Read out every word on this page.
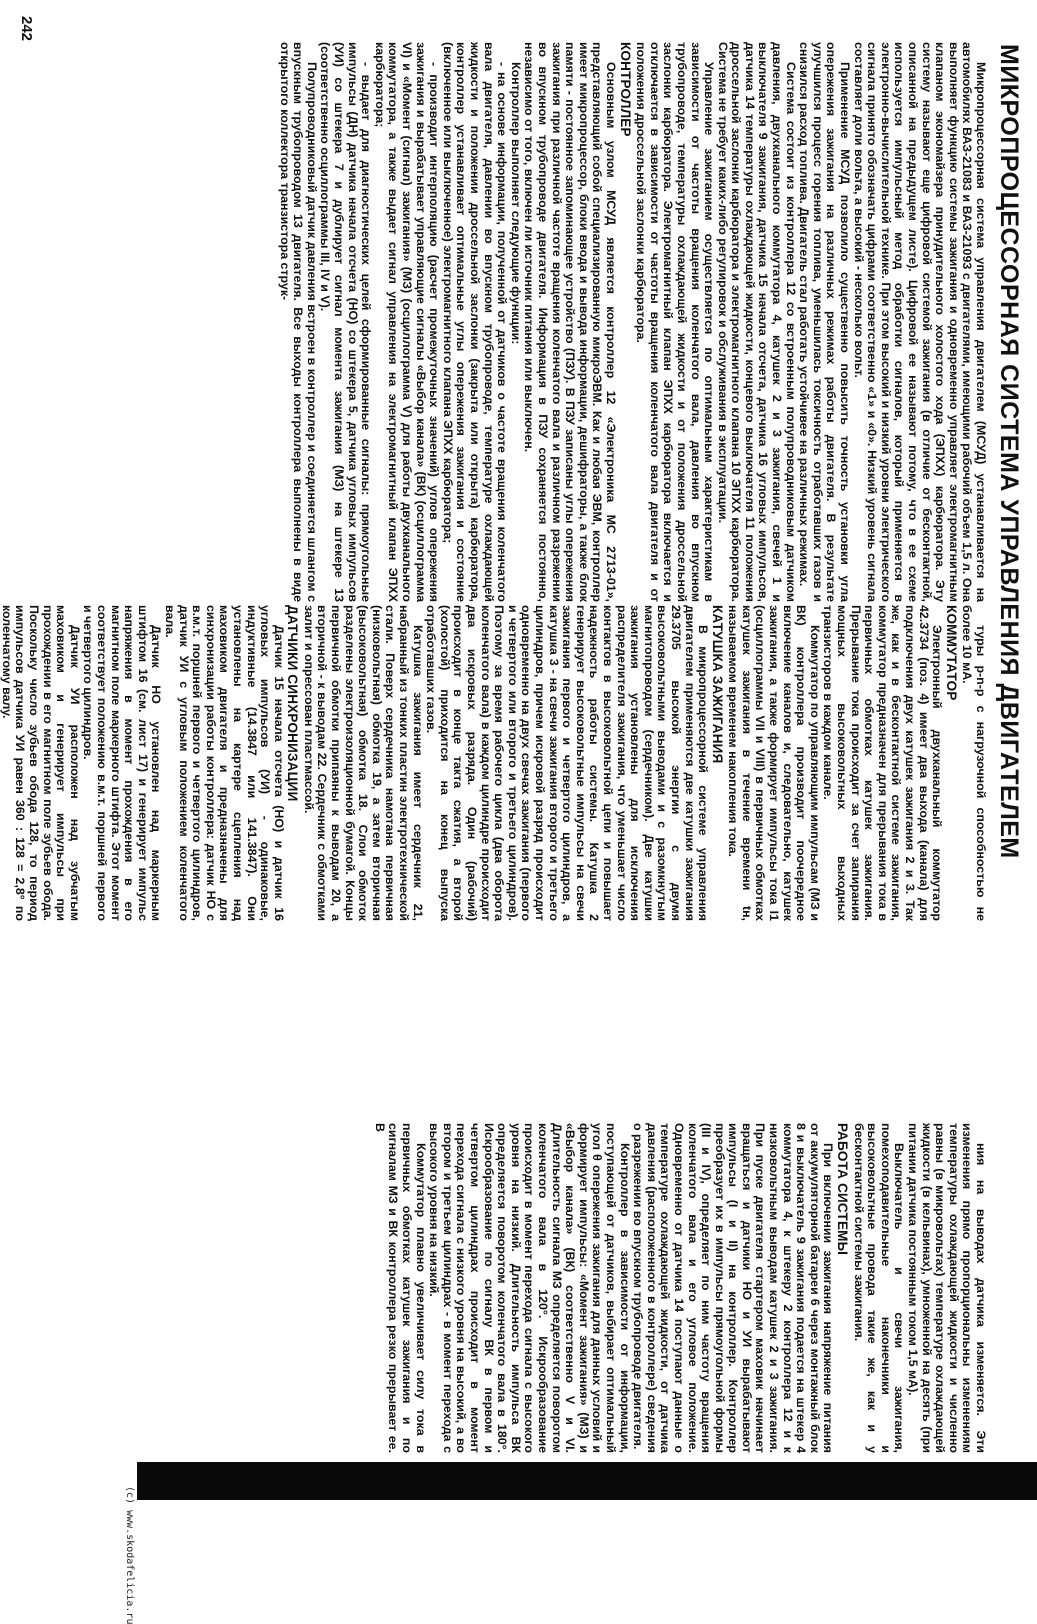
МИКРОПРОЦЕССОРНАЯ СИСТЕМА УПРАВЛЕНИЯ ДВИГАТЕЛЕМ

Микропроцессорная система управления двигателем (МСУД) устанавливается на автомобилях ВАЗ-21083 и ВАЗ-21093 с двигателями, имеющими рабочий объем 1,5 л. Она выполняет функцию системы зажигания и одновременно управляет электромагнитным клапаном экономайзера принудительного холостого хода (ЭПХХ) карбюратора. Эту систему называют еще цифровой системой зажигания (в отличие от бесконтактной, описанной на предыдущем листе). Цифровой ее называют потому, что в ее схеме используется импульсный метод обработки сигналов, который применяется в электронно-вычислительной технике. При этом высокий и низкий уровни электрического сигнала принято обозначать цифрами соответственно «1» и «0». Низкий уровень сигнала составляет доли вольта, а высокий - несколько вольт.

Применение МСУД позволило существенно повысить точность установки угла опережения зажигания на различных режимах работы двигателя. В результате улучшился процесс горения топлива, уменьшилась токсичность отработавших газов и снизился расход топлива. Двигатель стал работать устойчивее на различных режимах.

Система состоит из контроллера 12 со встроенным полупроводниковым датчиком давления, двухканального коммутатора 4, катушек 2 и 3 зажигания, свечей 1 и выключателя 9 зажигания, датчика 15 начала отсчета, датчика 16 угловых импульсов, датчика 14 температуры охлаждающей жидкости, концевого выключателя 11 положения дроссельной заслонки карбюратора и электромагнитного клапана 10 ЭПХХ карбюратора. Система не требует каких-либо регулировок и обслуживания в эксплуатации.

Управление зажиганием осуществляется по оптимальным характеристикам в зависимости от частоты вращения коленчатого вала, давления во впускном трубопроводе, температуры охлаждающей жидкости и от положения дроссельной заслонки карбюратора. Электромагнитный клапан ЭПХХ карбюратора включается и отключается в зависимости от частоты вращения коленчатого вала двигателя и от положения дроссельной заслонки карбюратора.

КОНТРОЛЛЕР

Основным узлом МСУД является контроллер 12 «Электроника МС 2713-01», представляющий собой специализированную микроЭВМ. Как и любая ЭВМ, контроллер имеет микропроцессор, блоки ввода и вывода информации, дешифраторы, а также блок памяти - постоянное запоминающее устройство (ПЗУ). В ПЗУ записаны углы опережения зажигания при различной частоте вращения коленчатого вала и различном разрежении во впускном трубопроводе двигателя. Информация в ПЗУ сохраняется постоянно, независимо от того, включен ли источник питания или выключен.

Контроллер выполняет следующие функции:

- на основе информации, полученной от датчиков о частоте вращения коленчатого вала двигателя, давлении во впускном трубопроводе, температуре охлаждающей жидкости и положении дроссельной заслонки (закрыта или открыта) карбюратора, контроллер устанавливает оптимальные углы опережения зажигания и состояние (включенное или выключенное) электромагнитного клапана ЭПХХ карбюратора;

- производит интерполяцию (расчет промежуточных значений) углов опережения зажигания и вырабатывает управляющие сигналы «Выбор канала» (ВК) (осциллограмма VI) и «Момент (сигнал) зажигания» (МЗ) (осциллограмма V) для работы двухканального коммутатора, а также выдает сигнал управления на электромагнитный клапан ЭПХХ карбюратора;

- выдает для диагностических целей сформированные сигналы: прямоугольные импульсы (ДН) датчика начала отсчета (НО) со штекера 5, датчика угловых импульсов (УИ) со штекера 7 и дублирует сигнал момента зажигания (МЗ) на штекере 13 (соответственно осциллограммы III, IV и V).

Полупроводниковый датчик давления встроен в контроллер и соединяется шлангом с впускным трубопроводом 13 двигателя. Все выходы контроллера выполнены в виде открытого коллектора транзистора струк-

туры p-n-p с нагрузочной способностью не более 10 мА.

КОММУТАТОР

Электронный двухканальный коммутатор 42.3734 (поз. 4) имеет два выхода (канала) для подключения двух катушек зажигания 2 и 3. Так же, как и в бесконтактной системе зажигания, коммутатор предназначен для прерывания тока в первичных обмотках катушек зажигания. Прерывание тока происходит за счет запирания мощных высоковольтных выходных транзисторов в каждом канале.

Коммутатор по управляющим импульсам (МЗ и ВК) контроллера производит поочередное включение каналов и, следовательно, катушек зажигания, а также формирует импульсы тока I1 (осциллограммы VII и VIII) в первичных обмотках катушек зажигания в течение времени tн, называемом временем накопления тока.

КАТУШКА ЗАЖИГАНИЯ

В микропроцессорной системе управления двигателем применяются две катушки зажигания 29.3705 высокой энергии с двумя высоковольтными выводами и с разомкнутым магнитопроводом (сердечником). Две катушки зажигания установлены для исключения распределителя зажигания, что уменьшает число контактов в высоковольтной цепи и повышает надежность работы системы. Катушка 2 генерирует высоковольтные импульсы на свечи зажигания первого и четвертого цилиндров, а катушка 3 - на свечи зажигания второго и третьего цилиндров, причем искровой разряд происходит одновременно на двух свечах зажигания (первого и четвертого или второго и третьего цилиндров). Поэтому за время рабочего цикла (два оборота коленчатого вала) в каждом цилиндре происходит два искровых разряда. Один (рабочий) происходит в конце такта сжатия, а второй (холостой) приходится на конец выпуска отработавших газов.

Катушка зажигания имеет сердечник 21, набранный из тонких пластин электротехнической стали. Поверх сердечника намотана первичная (низковольтная) обмотка 19, а затем вторичная (высоковольтная) обмотка 18. Слои обмоток разделены электроизоляционной бумагой. Концы первичной обмотки припаяны к выводам 20, а вторичной - к выводам 22. Сердечник с обмотками залит и опрессован пластмассой.

ДАТЧИКИ СИНХРОНИЗАЦИИ

Датчик 15 начала отсчета (НО) и датчик 16 угловых импульсов (УИ) - одинаковые, индуктивные (14.3847 или 141.3847). Они установлены на картере сцепления над маховиком двигателя и предназначены для синхронизации работы контроллера: датчик НО с в.м.т. поршней первого и четвертого цилиндров, датчик УИ с угловым положением коленчатого вала.

Датчик НО установлен над маркерным штифтом 16 (см. лист 17) и генерирует импульс напряжения в момент прохождения в его магнитном поле маркерного штифта. Этот момент соответствует положению в.м.т. поршней первого и четвертого цилиндров.

Датчик УИ расположен над зубчатым маховиком и генерирует импульсы при прохождении в его магнитном поле зубьев обода. Поскольку число зубьев обода 128, то период импульсов датчика УИ равен 360 : 128 = 2,8° по коленчатому валу.

ния на выводах датчика изменяется. Эти изменения прямо пропорциональны изменениям температуры охлаждающей жидкости и численно равны (в микровольтах) температуре охлаждающей жидкости (в кельвинах), умноженной на десять (при питании датчика постоянным током 1,5 мА).

Выключатель и свечи зажигания, помехоподавительные наконечники и высоковольтные провода такие же, как и у бесконтактной системы зажигания.

РАБОТА СИСТЕМЫ

При включении зажигания напряжение питания от аккумуляторной батареи 6 через монтажный блок 8 и выключатель 9 зажигания подается на штекер 4 коммутатора 4, к штекеру 2 контроллера 12 и к низковольтным выводам катушек 2 и 3 зажигания. При пуске двигателя стартером маховик начинает вращаться и датчики НО и УИ вырабатывают импульсы (I и II) на контроллер. Контроллер преобразует их в импульсы прямоугольной формы (III и IV), определяет по ним частоту вращения коленчатого вала и его угловое положение. Одновременно от датчика 14 поступают данные о температуре охлаждающей жидкости, от датчика давления (расположенного в контроллере) сведения о разрежении во впускном трубопроводе двигателя.

Контроллер в зависимости от информации, поступающей от датчиков, выбирает оптимальный угол θ опережения зажигания для данных условий и формирует импульсы: «Момент зажигания» (МЗ) и «Выбор канала» (ВК) соответственно V и VI. Длительность сигнала МЗ определяется поворотом коленчатого вала в 120°. Искрообразование происходит в момент перехода сигнала с высокого уровня на низкий. Длительность импульса ВК определяется поворотом коленчатого вала в 180°. Искрообразование по сигналу ВК в первом и четвертом цилиндрах происходит в момент перехода сигнала с низкого уровня на высокий, а во втором и третьем цилиндрах - в момент перехода с высокого уровня на низкий.

Коммутатор плавно увеличивает силу тока в первичных обмотках катушек зажигания и по сигналам МЗ и ВК контроллера резко прерывает ее. В

242
(c) www.skodafelicia.ru
